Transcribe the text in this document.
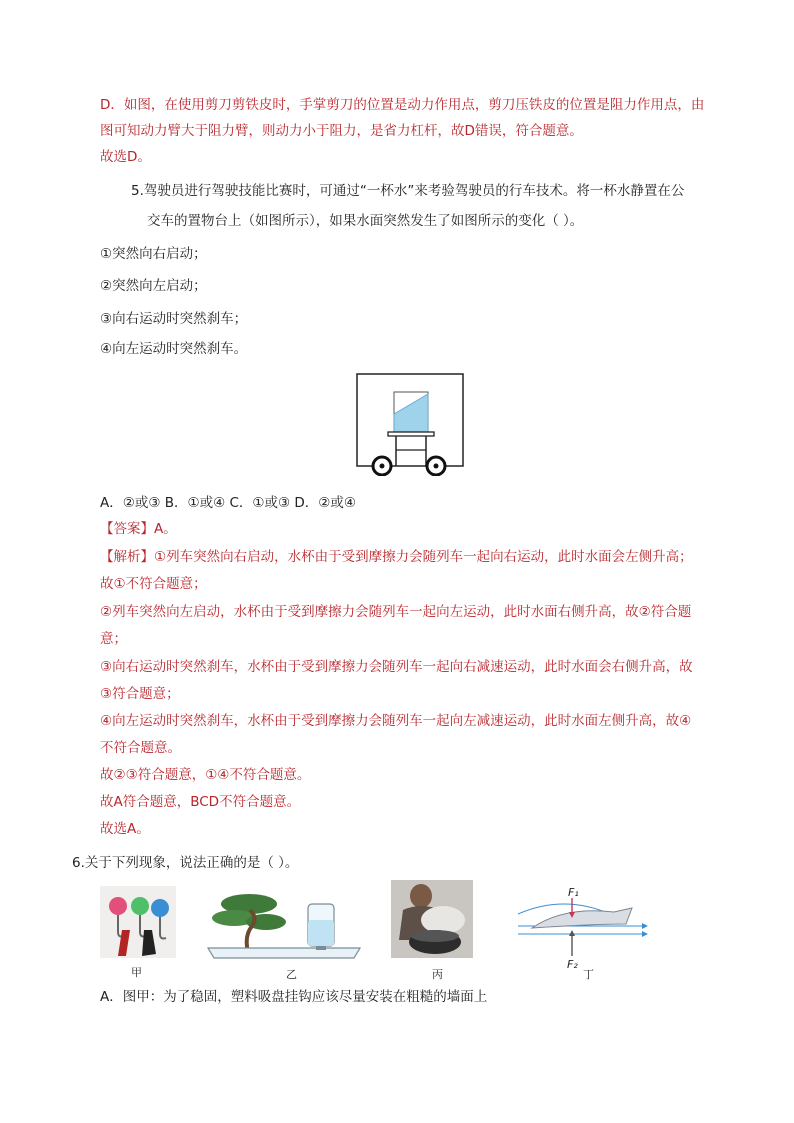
D．如图，在使用剪刀剪铁皮时，手掌剪刀的位置是动力作用点，剪刀压铁皮的位置是阻力作用点，由
图可知动力臂大于阻力臂，则动力小于阻力，是省力杠杆，故D错误，符合题意。
故选D。
5.驾驶员进行驾驶技能比赛时，可通过“一杯水”来考验驾驶员的行车技术。将一杯水静置在公
交车的置物台上（如图所示），如果水面突然发生了如图所示的变化（ ）。
①突然向右启动；
②突然向左启动；
③向右运动时突然刹车；
④向左运动时突然刹车。
A．②或③ B．①或④ C．①或③ D．②或④
【答案】A。
【解析】①列车突然向右启动，水杯由于受到摩擦力会随列车一起向右运动，此时水面会左侧升高；
故①不符合题意；
②列车突然向左启动，水杯由于受到摩擦力会随列车一起向左运动，此时水面右侧升高，故②符合题
意；
③向右运动时突然刹车，水杯由于受到摩擦力会随列车一起向右减速运动，此时水面会右侧升高，故
③符合题意；
④向左运动时突然刹车，水杯由于受到摩擦力会随列车一起向左减速运动，此时水面左侧升高，故④
不符合题意。
故②③符合题意，①④不符合题意。
故A符合题意，BCD不符合题意。
故选A。
6.关于下列现象，说法正确的是（ ）。
甲	乙	丙
F₁
F₂
丁
A．图甲：为了稳固，塑料吸盘挂钩应该尽量安装在粗糙的墙面上
